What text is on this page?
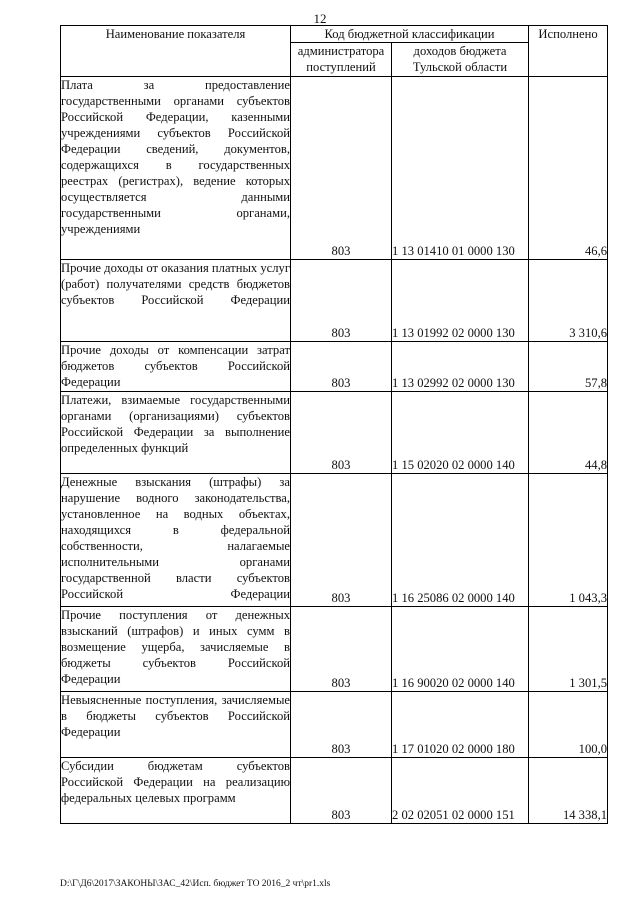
12
Наименование показателя	Код бюджетной классификации		Исполнено
	администратора поступлений	доходов бюджета Тульской области	
Плата за предоставление государственными органами субъектов Российской Федерации, казенными учреждениями субъектов Российской Федерации сведений, документов, содержащихся в государственных реестрах (регистрах), ведение которых осуществляется данными государственными органами, учреждениями	803	1 13 01410 01 0000 130	46,6
Прочие доходы от оказания платных услуг (работ) получателями средств бюджетов субъектов Российской Федерации	803	1 13 01992 02 0000 130	3 310,6
Прочие доходы от компенсации затрат бюджетов субъектов Российской Федерации	803	1 13 02992 02 0000 130	57,8
Платежи, взимаемые государственными органами (организациями) субъектов Российской Федерации за выполнение определенных функций	803	1 15 02020 02 0000 140	44,8
Денежные взыскания (штрафы) за нарушение водного законодательства, установленное на водных объектах, находящихся в федеральной собственности, налагаемые исполнительными органами государственной власти субъектов Российской Федерации	803	1 16 25086 02 0000 140	1 043,3
Прочие поступления от денежных взысканий (штрафов) и иных сумм в возмещение ущерба, зачисляемые в бюджеты субъектов Российской Федерации	803	1 16 90020 02 0000 140	1 301,5
Невыясненные поступления, зачисляемые в бюджеты субъектов Российской Федерации	803	1 17 01020 02 0000 180	100,0
Субсидии бюджетам субъектов Российской Федерации на реализацию федеральных целевых программ	803	2 02 02051 02 0000 151	14 338,1
D:\Г\Д6\2017\ЗАКОНЫ\ЗАС_42\Исп. бюджет ТО 2016_2 чт\pr1.xls
